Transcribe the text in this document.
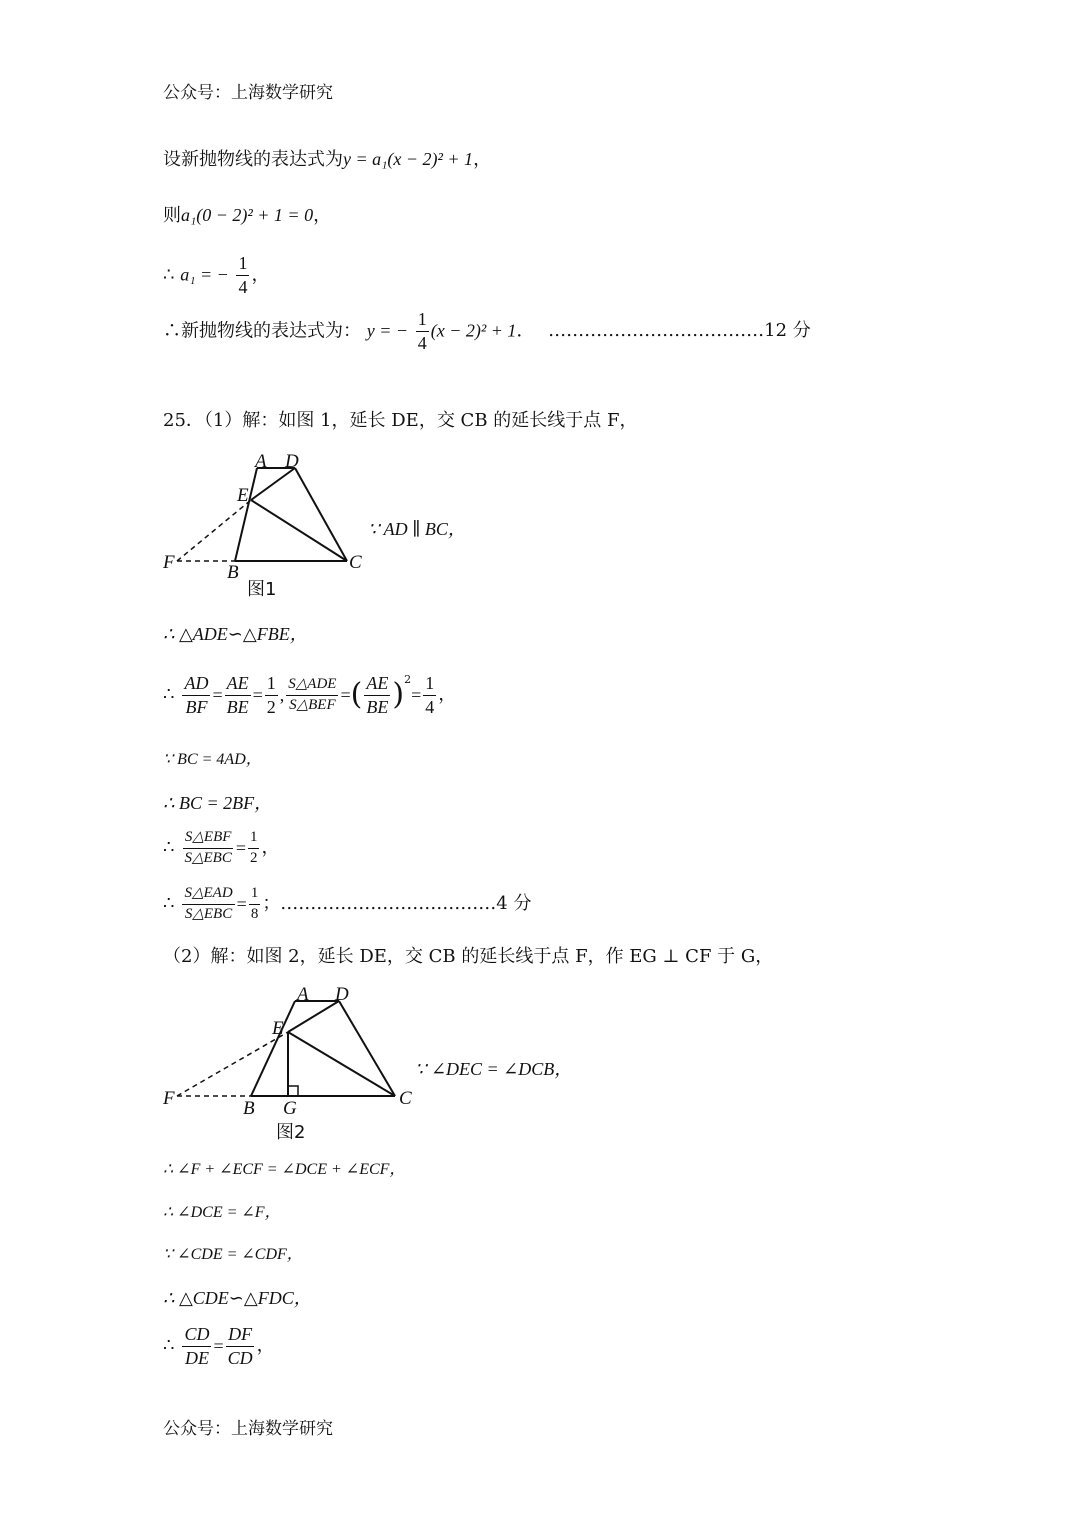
公众号：上海数学研究
设新抛物线的表达式为y = a₁(x − 2)² + 1，
则a₁(0 − 2)² + 1 = 0，
∴ a₁ = − $\frac{1}{4}$ ，
∴新抛物线的表达式为： y = − $\frac{1}{4} (x - 2)^2 + 1$． ………………………………12 分
25．（1）解：如图 1，延长 DE，交 CB 的延长线于点 F，
A D
E
F	B	C
图1
∵ AD ∥ BC，
∴ △ADE∽△FBE，
∴ $\frac{AD}{BF} = \frac{AE}{BE} = \frac{1}{2}$ , $\frac{\text{S△ADE}}{\text{S△BEF}}$ = ( $\frac{AE}{BE} )^2$
= $\frac{1}{4}$ ，
∵ BC = 4AD，
∴ BC = 2BF，
∴ $\frac{\text{S△EBF}}{\text{S△EBC}} = \frac{1}{2}$ ，
∴ $\frac{\text{S△EAD}}{\text{S△EBC}} = \frac{1}{8}$ ；………………………………4 分
（2）解：如图 2，延长 DE，交 CB 的延长线于点 F，作 EG ⊥ CF 于 G，
A D
E
F	B G	C
图2
∵ ∠DEC = ∠DCB，
∴ ∠F + ∠ECF = ∠DCE + ∠ECF，
∴ ∠DCE = ∠F，
∵ ∠CDE = ∠CDF，
∴ △CDE∽△FDC，
∴ $\frac{CD}{DE} = \frac{DF}{CD}$ ，
公众号：上海数学研究
